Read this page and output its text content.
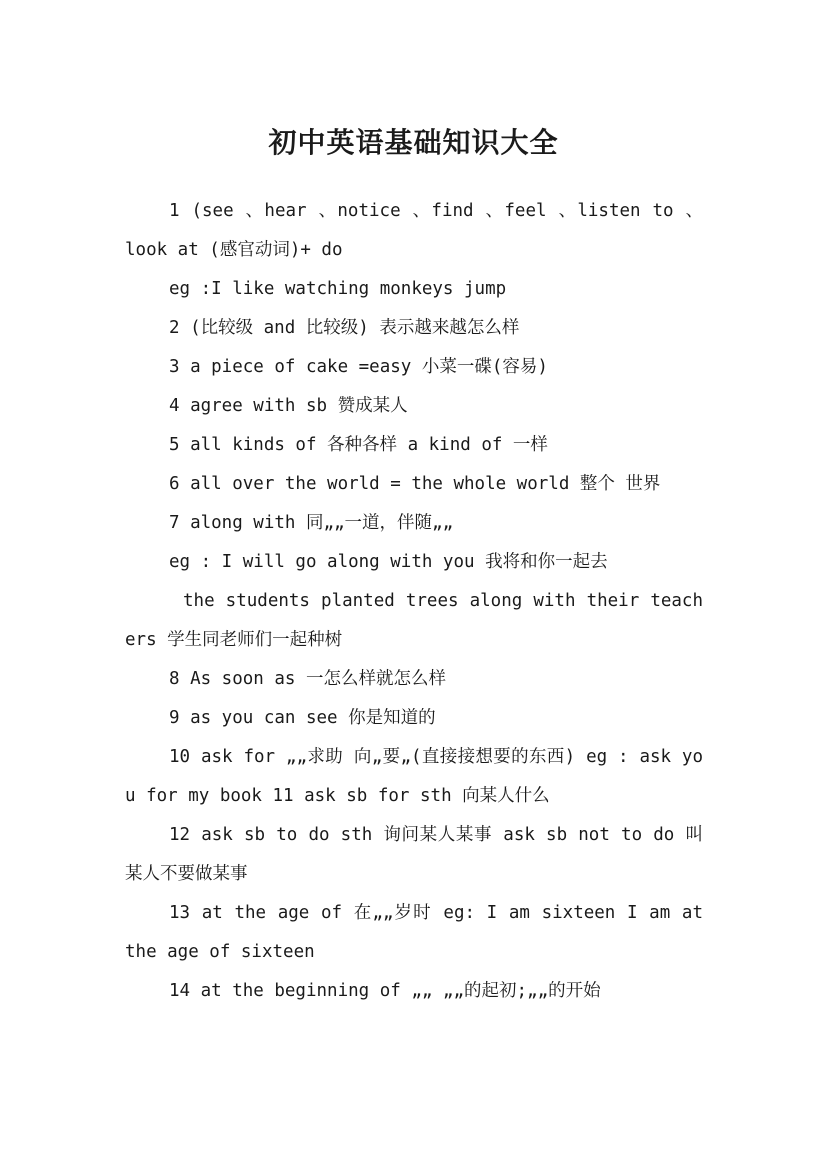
初中英语基础知识大全

1 (see 、hear 、notice 、find 、feel 、listen to 、 look at (感官动词)+ do

eg :I like watching monkeys jump

2 (比较级 and 比较级) 表示越来越怎么样

3 a piece of cake =easy 小菜一碟(容易)

4 agree with sb 赞成某人

5 all kinds of 各种各样 a kind of 一样

6 all over the world = the whole world 整个 世界

7 along with 同„„一道，伴随„„

eg : I will go along with you 我将和你一起去

the students planted trees along with their teachers 学生同老师们一起种树

8 As soon as 一怎么样就怎么样

9 as you can see 你是知道的

10 ask for „„求助 向„要„(直接接想要的东西) eg : ask you for my book 11 ask sb for sth 向某人什么

12 ask sb to do sth 询问某人某事 ask sb not to do 叫某人不要做某事

13 at the age of 在„„岁时 eg: I am sixteen I am at the age of sixteen

14 at the beginning of „„ „„的起初;„„的开始
